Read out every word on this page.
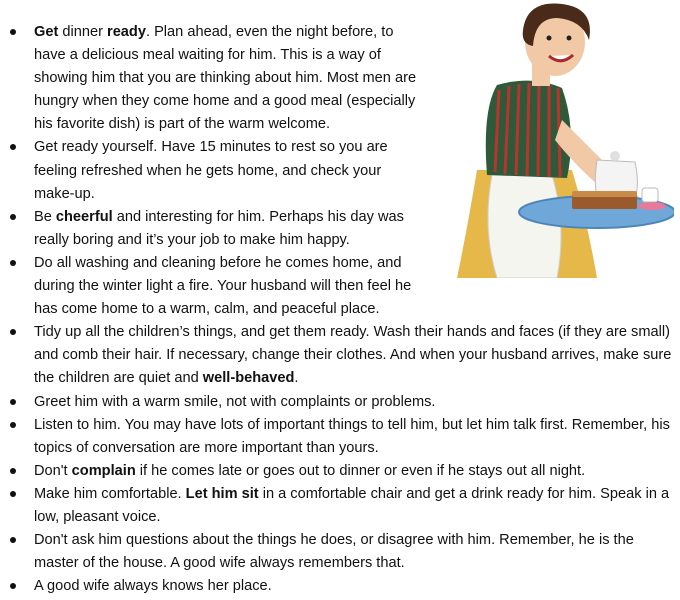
Get dinner ready. Plan ahead, even the night before, to have a delicious meal waiting for him. This is a way of showing him that you are thinking about him. Most men are hungry when they come home and a good meal (especially his favorite dish) is part of the warm welcome.
Get ready yourself. Have 15 minutes to rest so you are feeling refreshed when he gets home, and check your make-up.
Be cheerful and interesting for him. Perhaps his day was really boring and it’s your job to make him happy.
Do all washing and cleaning before he comes home, and during the winter light a fire. Your husband will then feel he has come home to a warm, calm, and peaceful place.
Tidy up all the children’s things, and get them ready. Wash their hands and faces (if they are small) and comb their hair. If necessary, change their clothes. And when your husband arrives, make sure the children are quiet and well-behaved.
Greet him with a warm smile, not with complaints or problems.
Listen to him. You may have lots of important things to tell him, but let him talk first. Remember, his topics of conversation are more important than yours.
Don't complain if he comes late or goes out to dinner or even if he stays out all night.
Make him comfortable. Let him sit in a comfortable chair and get a drink ready for him. Speak in a low, pleasant voice.
Don't ask him questions about the things he does, or disagree with him. Remember, he is the master of the house. A good wife always remembers that.
A good wife always knows her place.
